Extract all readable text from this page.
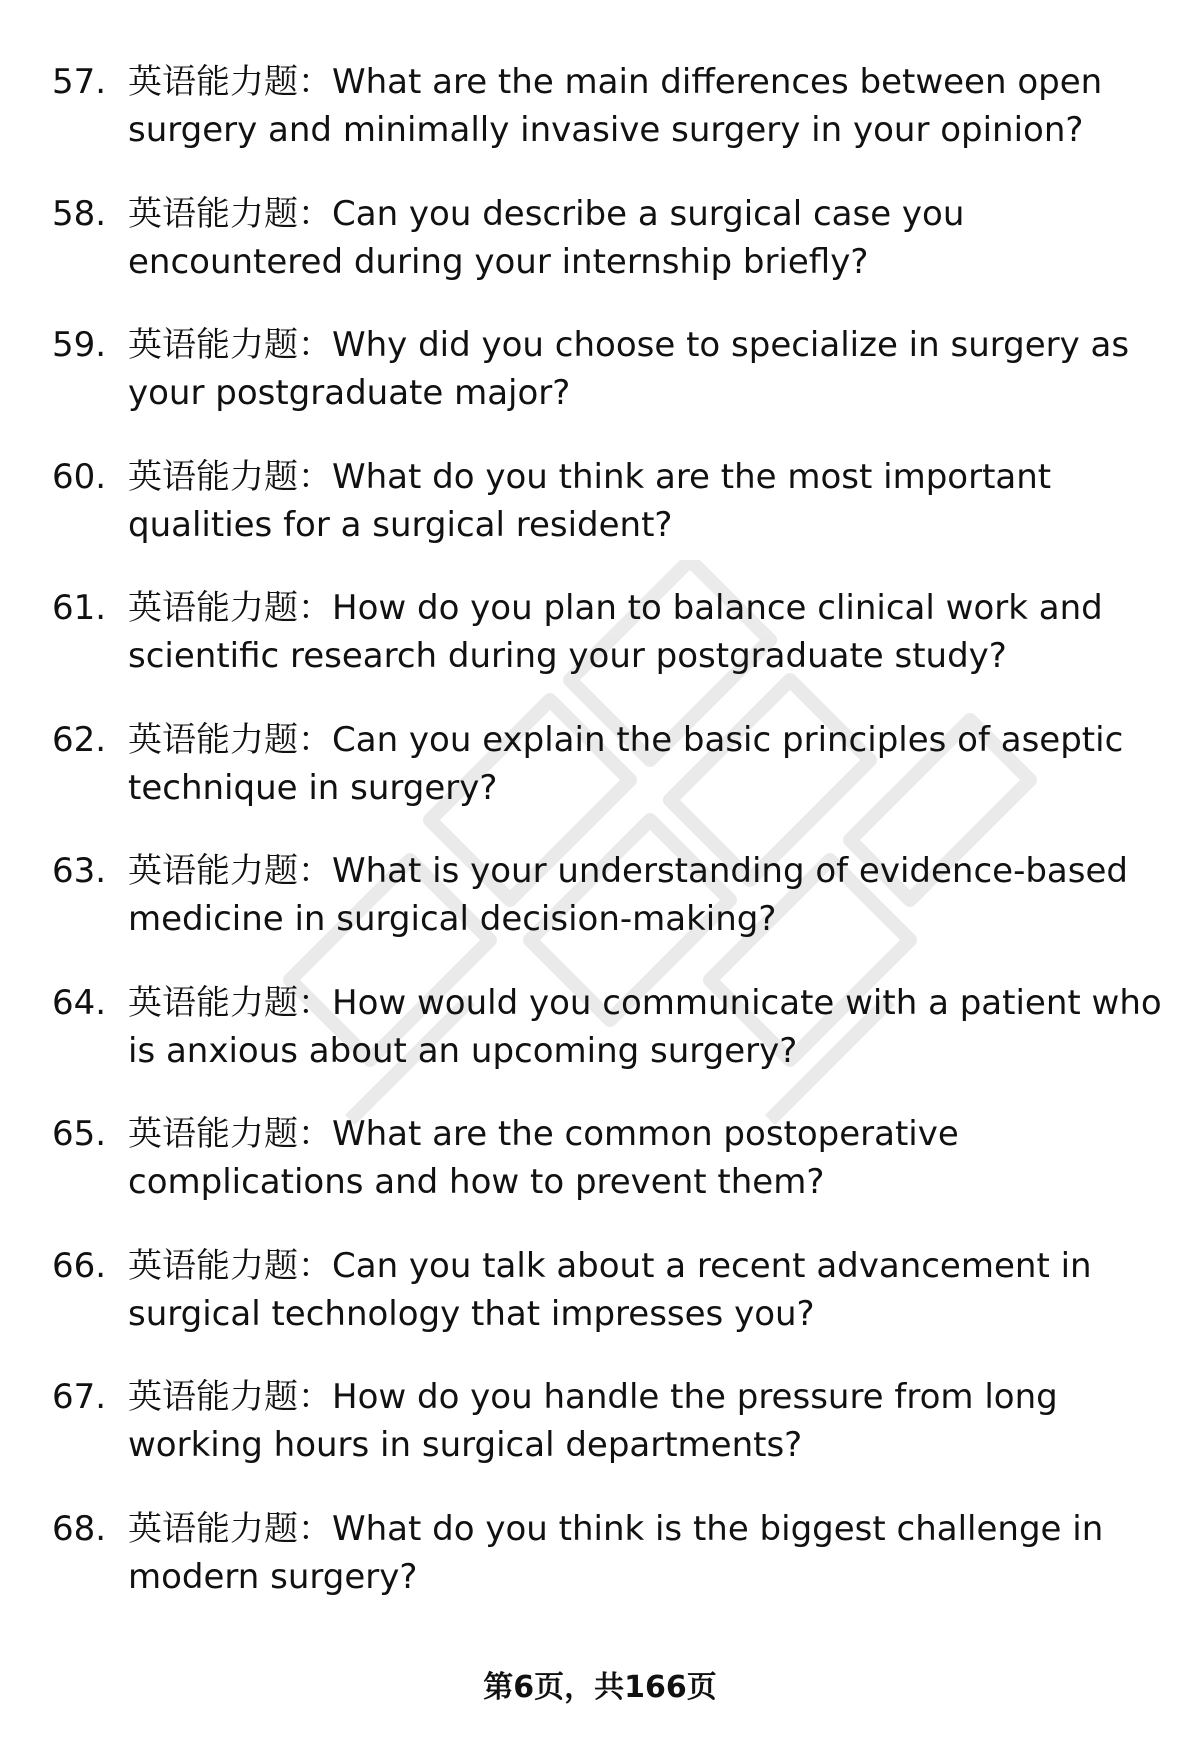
57. 英语能力题：What are the main differences between open surgery and minimally invasive surgery in your opinion?
58. 英语能力题：Can you describe a surgical case you encountered during your internship briefly?
59. 英语能力题：Why did you choose to specialize in surgery as your postgraduate major?
60. 英语能力题：What do you think are the most important qualities for a surgical resident?
61. 英语能力题：How do you plan to balance clinical work and scientific research during your postgraduate study?
62. 英语能力题：Can you explain the basic principles of aseptic technique in surgery?
63. 英语能力题：What is your understanding of evidence-based medicine in surgical decision-making?
64. 英语能力题：How would you communicate with a patient who is anxious about an upcoming surgery?
65. 英语能力题：What are the common postoperative complications and how to prevent them?
66. 英语能力题：Can you talk about a recent advancement in surgical technology that impresses you?
67. 英语能力题：How do you handle the pressure from long working hours in surgical departments?
68. 英语能力题：What do you think is the biggest challenge in modern surgery?
第6页，共166页
